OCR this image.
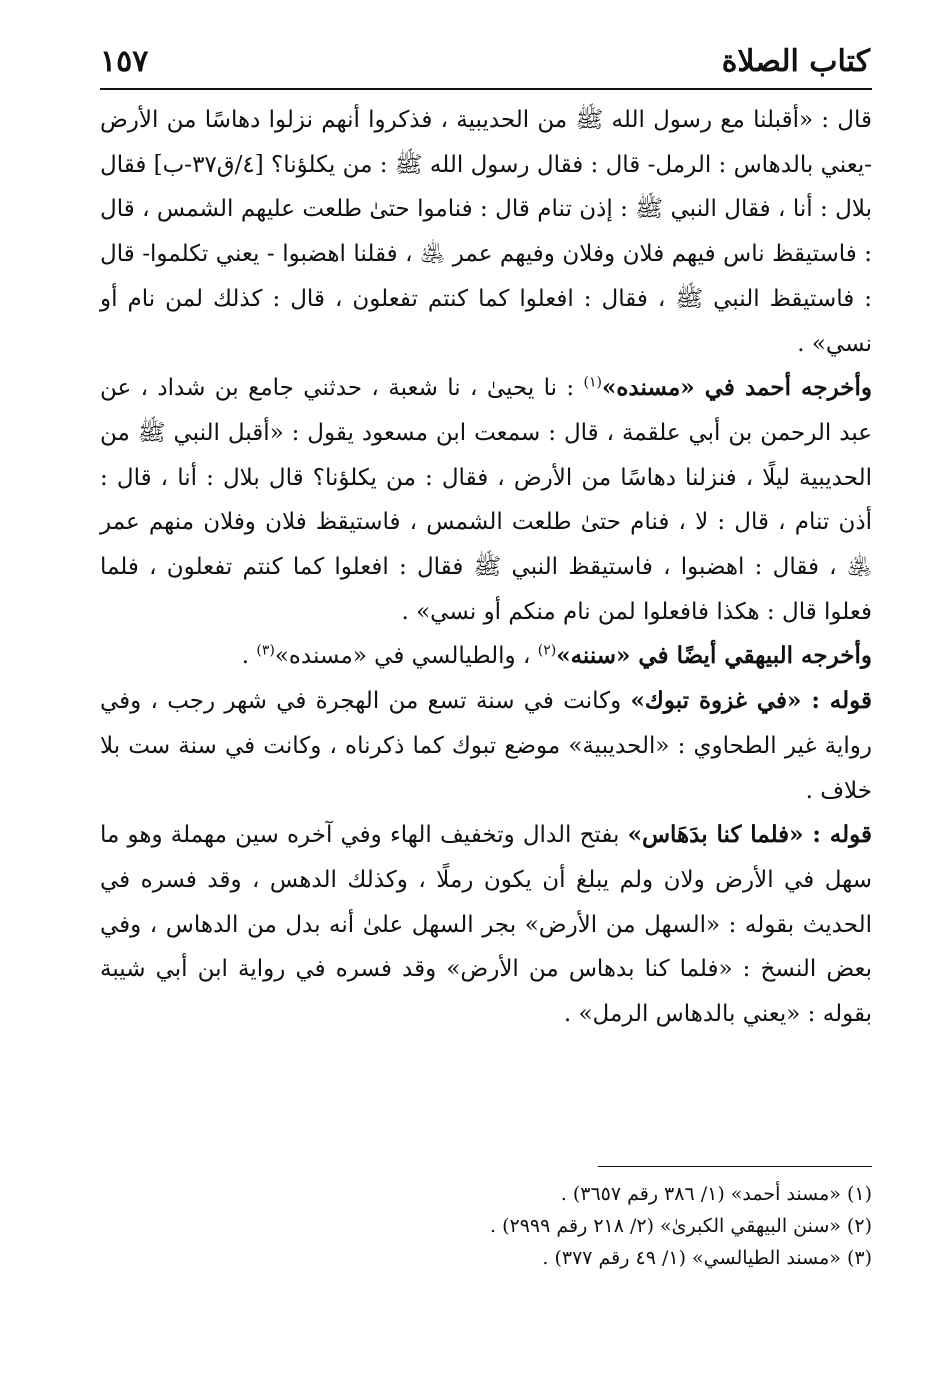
كتاب الصلاة
١٥٧

قال : «أقبلنا مع رسول الله ﷺ من الحديبية ، فذكروا أنهم نزلوا دهاسًا من الأرض -يعني بالدهاس : الرمل- قال : فقال رسول الله ﷺ : من يكلؤنا؟ [٤/ق٣٧-ب] فقال بلال : أنا ، فقال النبي ﷺ : إذن تنام قال : فناموا حتىٰ طلعت عليهم الشمس ، قال : فاستيقظ ناس فيهم فلان وفلان وفيهم عمر ﵁ ، فقلنا اهضبوا - يعني تكلموا- قال : فاستيقظ النبي ﷺ ، فقال : افعلوا كما كنتم تفعلون ، قال : كذلك لمن نام أو نسي» .

وأخرجه أحمد في «مسنده»$^{(١)}$ : نا يحيىٰ ، نا شعبة ، حدثني جامع بن شداد ، عن عبد الرحمن بن أبي علقمة ، قال : سمعت ابن مسعود يقول : «أقبل النبي ﷺ من الحديبية ليلًا ، فنزلنا دهاسًا من الأرض ، فقال : من يكلؤنا؟ قال بلال : أنا ، قال : أذن تنام ، قال : لا ، فنام حتىٰ طلعت الشمس ، فاستيقظ فلان وفلان منهم عمر ﵁ ، فقال : اهضبوا ، فاستيقظ النبي ﷺ فقال : افعلوا كما كنتم تفعلون ، فلما فعلوا قال : هكذا فافعلوا لمن نام منكم أو نسي» .

وأخرجه البيهقي أيضًا في «سننه»$^{(٢)}$ ، والطيالسي في «مسنده»$^{(٣)}$ .

قوله : «في غزوة تبوك» وكانت في سنة تسع من الهجرة في شهر رجب ، وفي رواية غير الطحاوي : «الحديبية» موضع تبوك كما ذكرناه ، وكانت في سنة ست بلا خلاف .

قوله : «فلما كنا بدَهَاس» بفتح الدال وتخفيف الهاء وفي آخره سين مهملة وهو ما سهل في الأرض ولان ولم يبلغ أن يكون رملًا ، وكذلك الدهس ، وقد فسره في الحديث بقوله : «السهل من الأرض» بجر السهل علىٰ أنه بدل من الدهاس ، وفي بعض النسخ : «فلما كنا بدهاس من الأرض» وقد فسره في رواية ابن أبي شيبة بقوله : «يعني بالدهاس الرمل» .

(١) «مسند أحمد» (١/ ٣٨٦ رقم ٣٦٥٧) .

(٢) «سنن البيهقي الكبرىٰ» (٢/ ٢١٨ رقم ٢٩٩٩) .

(٣) «مسند الطيالسي» (١/ ٤٩ رقم ٣٧٧) .
